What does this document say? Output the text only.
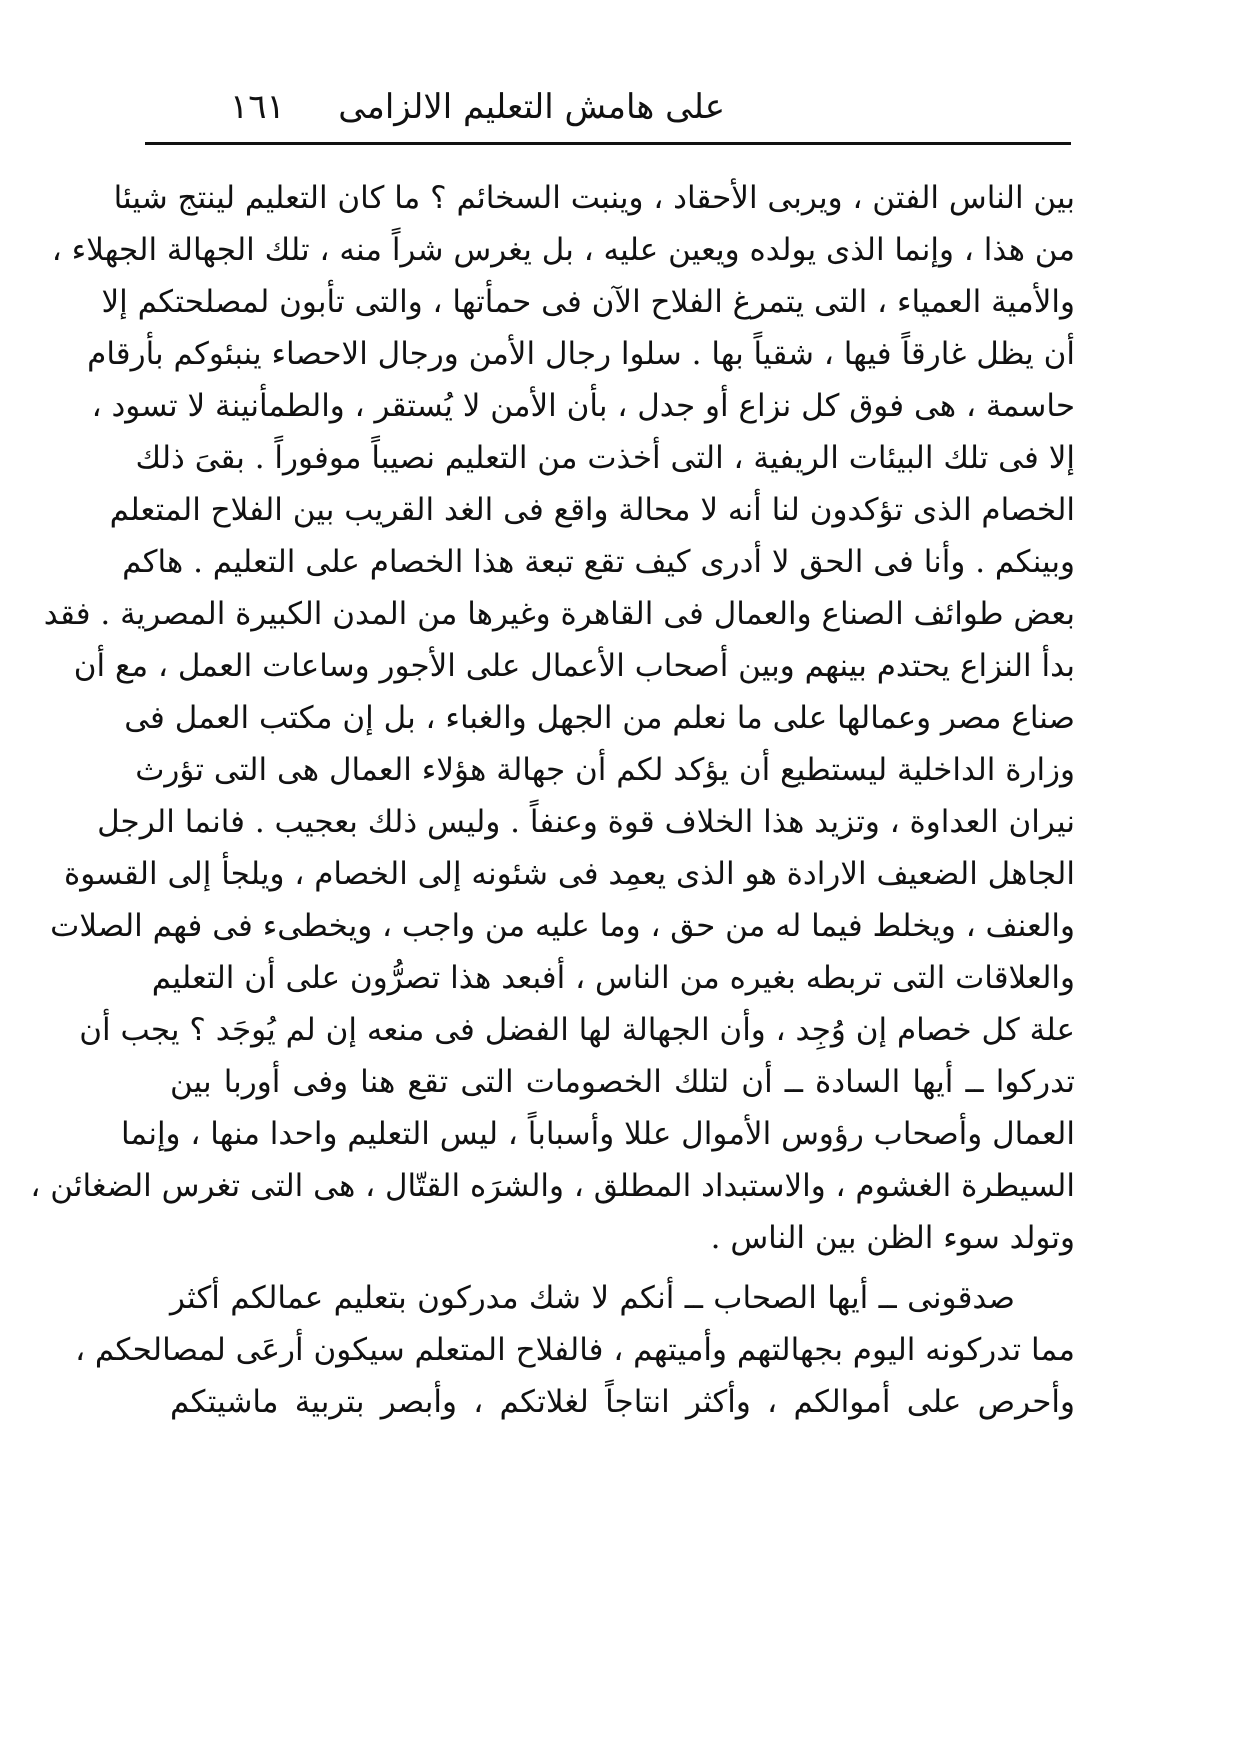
على هامش التعليم الالزامى
١٦١
بين الناس الفتن ، ويربى الأحقاد ، وينبت السخائم ؟ ما كان التعليم لينتج شيئا
من هذا ، وإنما الذى يولده ويعين عليه ، بل يغرس شراً منه ، تلك الجهالة الجهلاء ،
والأمية العمياء ، التى يتمرغ الفلاح الآن فى حمأتها ، والتى تأبون لمصلحتكم إلا
أن يظل غارقاً فيها ، شقياً بها . سلوا رجال الأمن ورجال الاحصاء ينبئوكم بأرقام
حاسمة ، هى فوق كل نزاع أو جدل ، بأن الأمن لا يُستقر ، والطمأنينة لا تسود ،
إلا فى تلك البيئات الريفية ، التى أخذت من التعليم نصيباً موفوراً . بقىَ ذلك
الخصام الذى تؤكدون لنا أنه لا محالة واقع فى الغد القريب بين الفلاح المتعلم
وبينكم . وأنا فى الحق لا أدرى كيف تقع تبعة هذا الخصام على التعليم . هاكم
بعض طوائف الصناع والعمال فى القاهرة وغيرها من المدن الكبيرة المصرية . فقد
بدأ النزاع يحتدم بينهم وبين أصحاب الأعمال على الأجور وساعات العمل ، مع أن
صناع مصر وعمالها على ما نعلم من الجهل والغباء ، بل إن مكتب العمل فى
وزارة الداخلية ليستطيع أن يؤكد لكم أن جهالة هؤلاء العمال هى التى تؤرث
نيران العداوة ، وتزيد هذا الخلاف قوة وعنفاً . وليس ذلك بعجيب . فانما الرجل
الجاهل الضعيف الارادة هو الذى يعمِد فى شئونه إلى الخصام ، ويلجأ إلى القسوة
والعنف ، ويخلط فيما له من حق ، وما عليه من واجب ، ويخطىء فى فهم الصلات
والعلاقات التى تربطه بغيره من الناس ، أفبعد هذا تصرُّون على أن التعليم
علة كل خصام إن وُجِد ، وأن الجهالة لها الفضل فى منعه إن لم يُوجَد ؟ يجب أن
تدركوا ــ أيها السادة ــ أن لتلك الخصومات التى تقع هنا وفى أوربا بين
العمال وأصحاب رؤوس الأموال عللا وأسباباً ، ليس التعليم واحدا منها ، وإنما
السيطرة الغشوم ، والاستبداد المطلق ، والشرَه القتّال ، هى التى تغرس الضغائن ،
وتولد سوء الظن بين الناس .
صدقونى ــ أيها الصحاب ــ أنكم لا شك مدركون بتعليم عمالكم أكثر
مما تدركونه اليوم بجهالتهم وأميتهم ، فالفلاح المتعلم سيكون أرعَى لمصالحكم ،
وأحرص على أموالكم ، وأكثر انتاجاً لغلاتكم ، وأبصر بتربية ماشيتكم
